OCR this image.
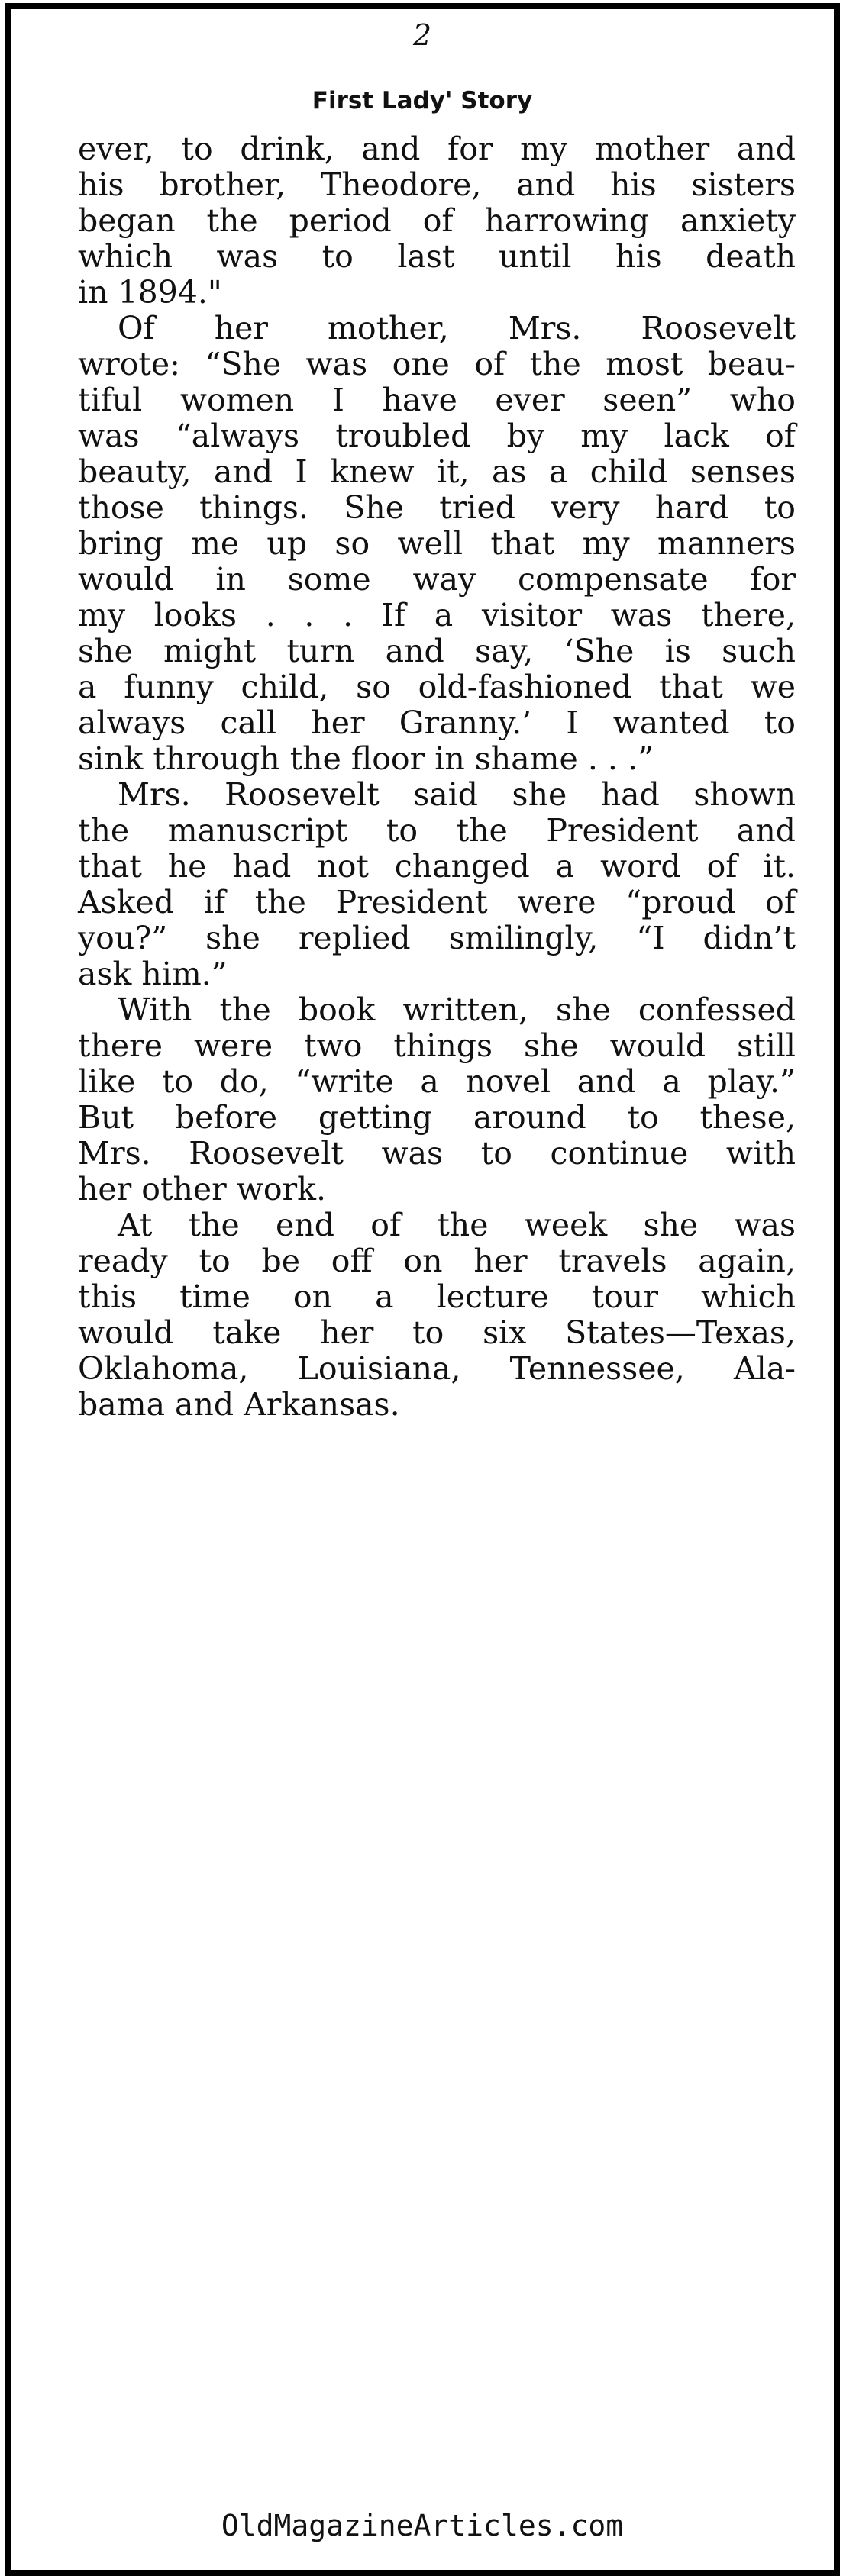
2
First Lady' Story
ever, to drink, and for my mother and
his brother, Theodore, and his sisters
began the period of harrowing anxiety
which was to last until his death
in 1894."
Of her mother, Mrs. Roosevelt
wrote: “She was one of the most beau-
tiful women I have ever seen” who
was “always troubled by my lack of
beauty, and I knew it, as a child senses
those things. She tried very hard to
bring me up so well that my manners
would in some way compensate for
my looks . . . If a visitor was there,
she might turn and say, ‘She is such
a funny child, so old-fashioned that we
always call her Granny.’ I wanted to
sink through the floor in shame . . .”
Mrs. Roosevelt said she had shown
the manuscript to the President and
that he had not changed a word of it.
Asked if the President were “proud of
you?” she replied smilingly, “I didn’t
ask him.”
With the book written, she confessed
there were two things she would still
like to do, “write a novel and a play.”
But before getting around to these,
Mrs. Roosevelt was to continue with
her other work.
At the end of the week she was
ready to be off on her travels again,
this time on a lecture tour which
would take her to six States—Texas,
Oklahoma, Louisiana, Tennessee, Ala-
bama and Arkansas.
OldMagazineArticles.com
